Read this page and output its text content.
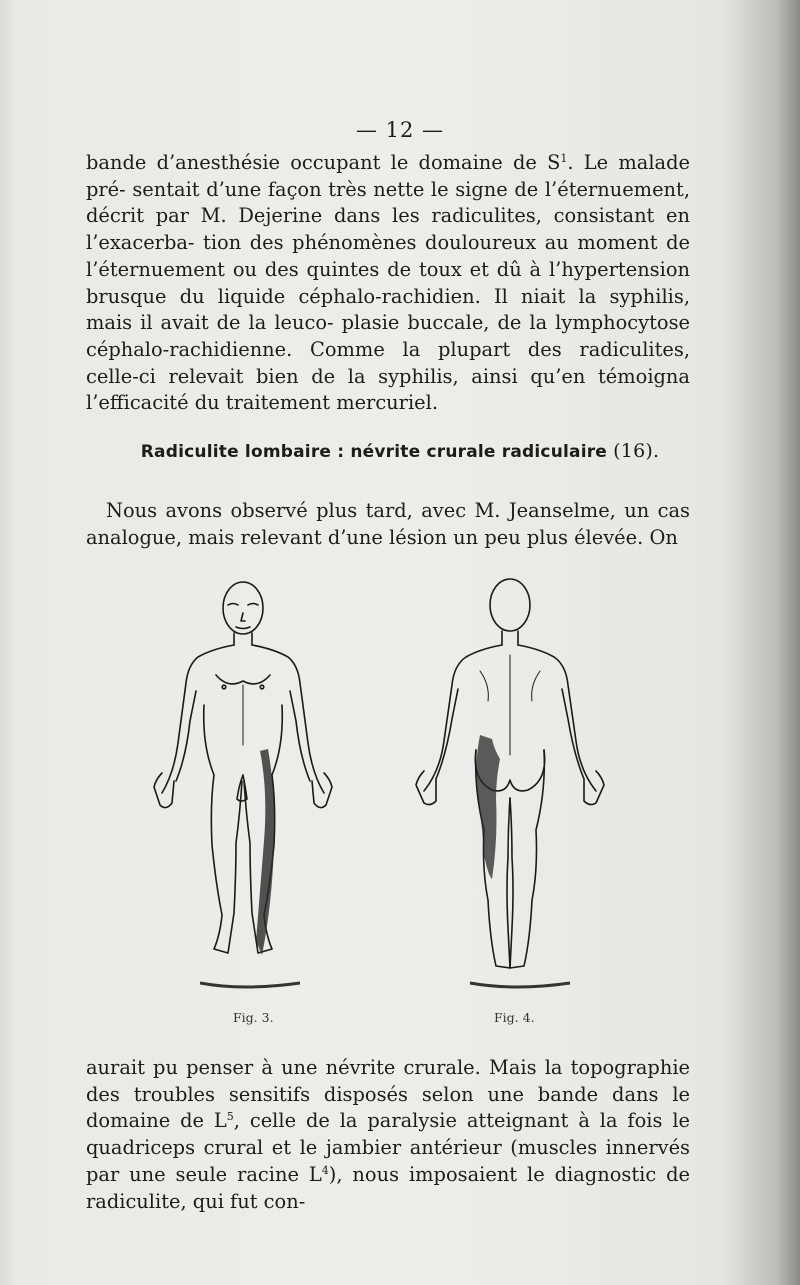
— 12 —

bande d’anesthésie occupant le domaine de $S^1$. Le malade pré- sentait d’une façon très nette le signe de l’éternuement, décrit par M. Dejerine dans les radiculites, consistant en l’exacerba- tion des phénomènes douloureux au moment de l’éternuement ou des quintes de toux et dû à l’hypertension brusque du liquide céphalo-rachidien. Il niait la syphilis, mais il avait de la leuco- plasie buccale, de la lymphocytose céphalo-rachidienne. Comme la plupart des radiculites, celle-ci relevait bien de la syphilis, ainsi qu’en témoigna l’efficacité du traitement mercuriel.

Radiculite lombaire : névrite crurale radiculaire (16).

Nous avons observé plus tard, avec M. Jeanselme, un cas analogue, mais relevant d’une lésion un peu plus élevée. On

Fig. 3.	Fig. 4.

aurait pu penser à une névrite crurale. Mais la topographie des troubles sensitifs disposés selon une bande dans le domaine de $L^5$, celle de la paralysie atteignant à la fois le quadriceps crural et le jambier antérieur (muscles innervés par une seule racine $L^4$), nous imposaient le diagnostic de radiculite, qui fut con-
